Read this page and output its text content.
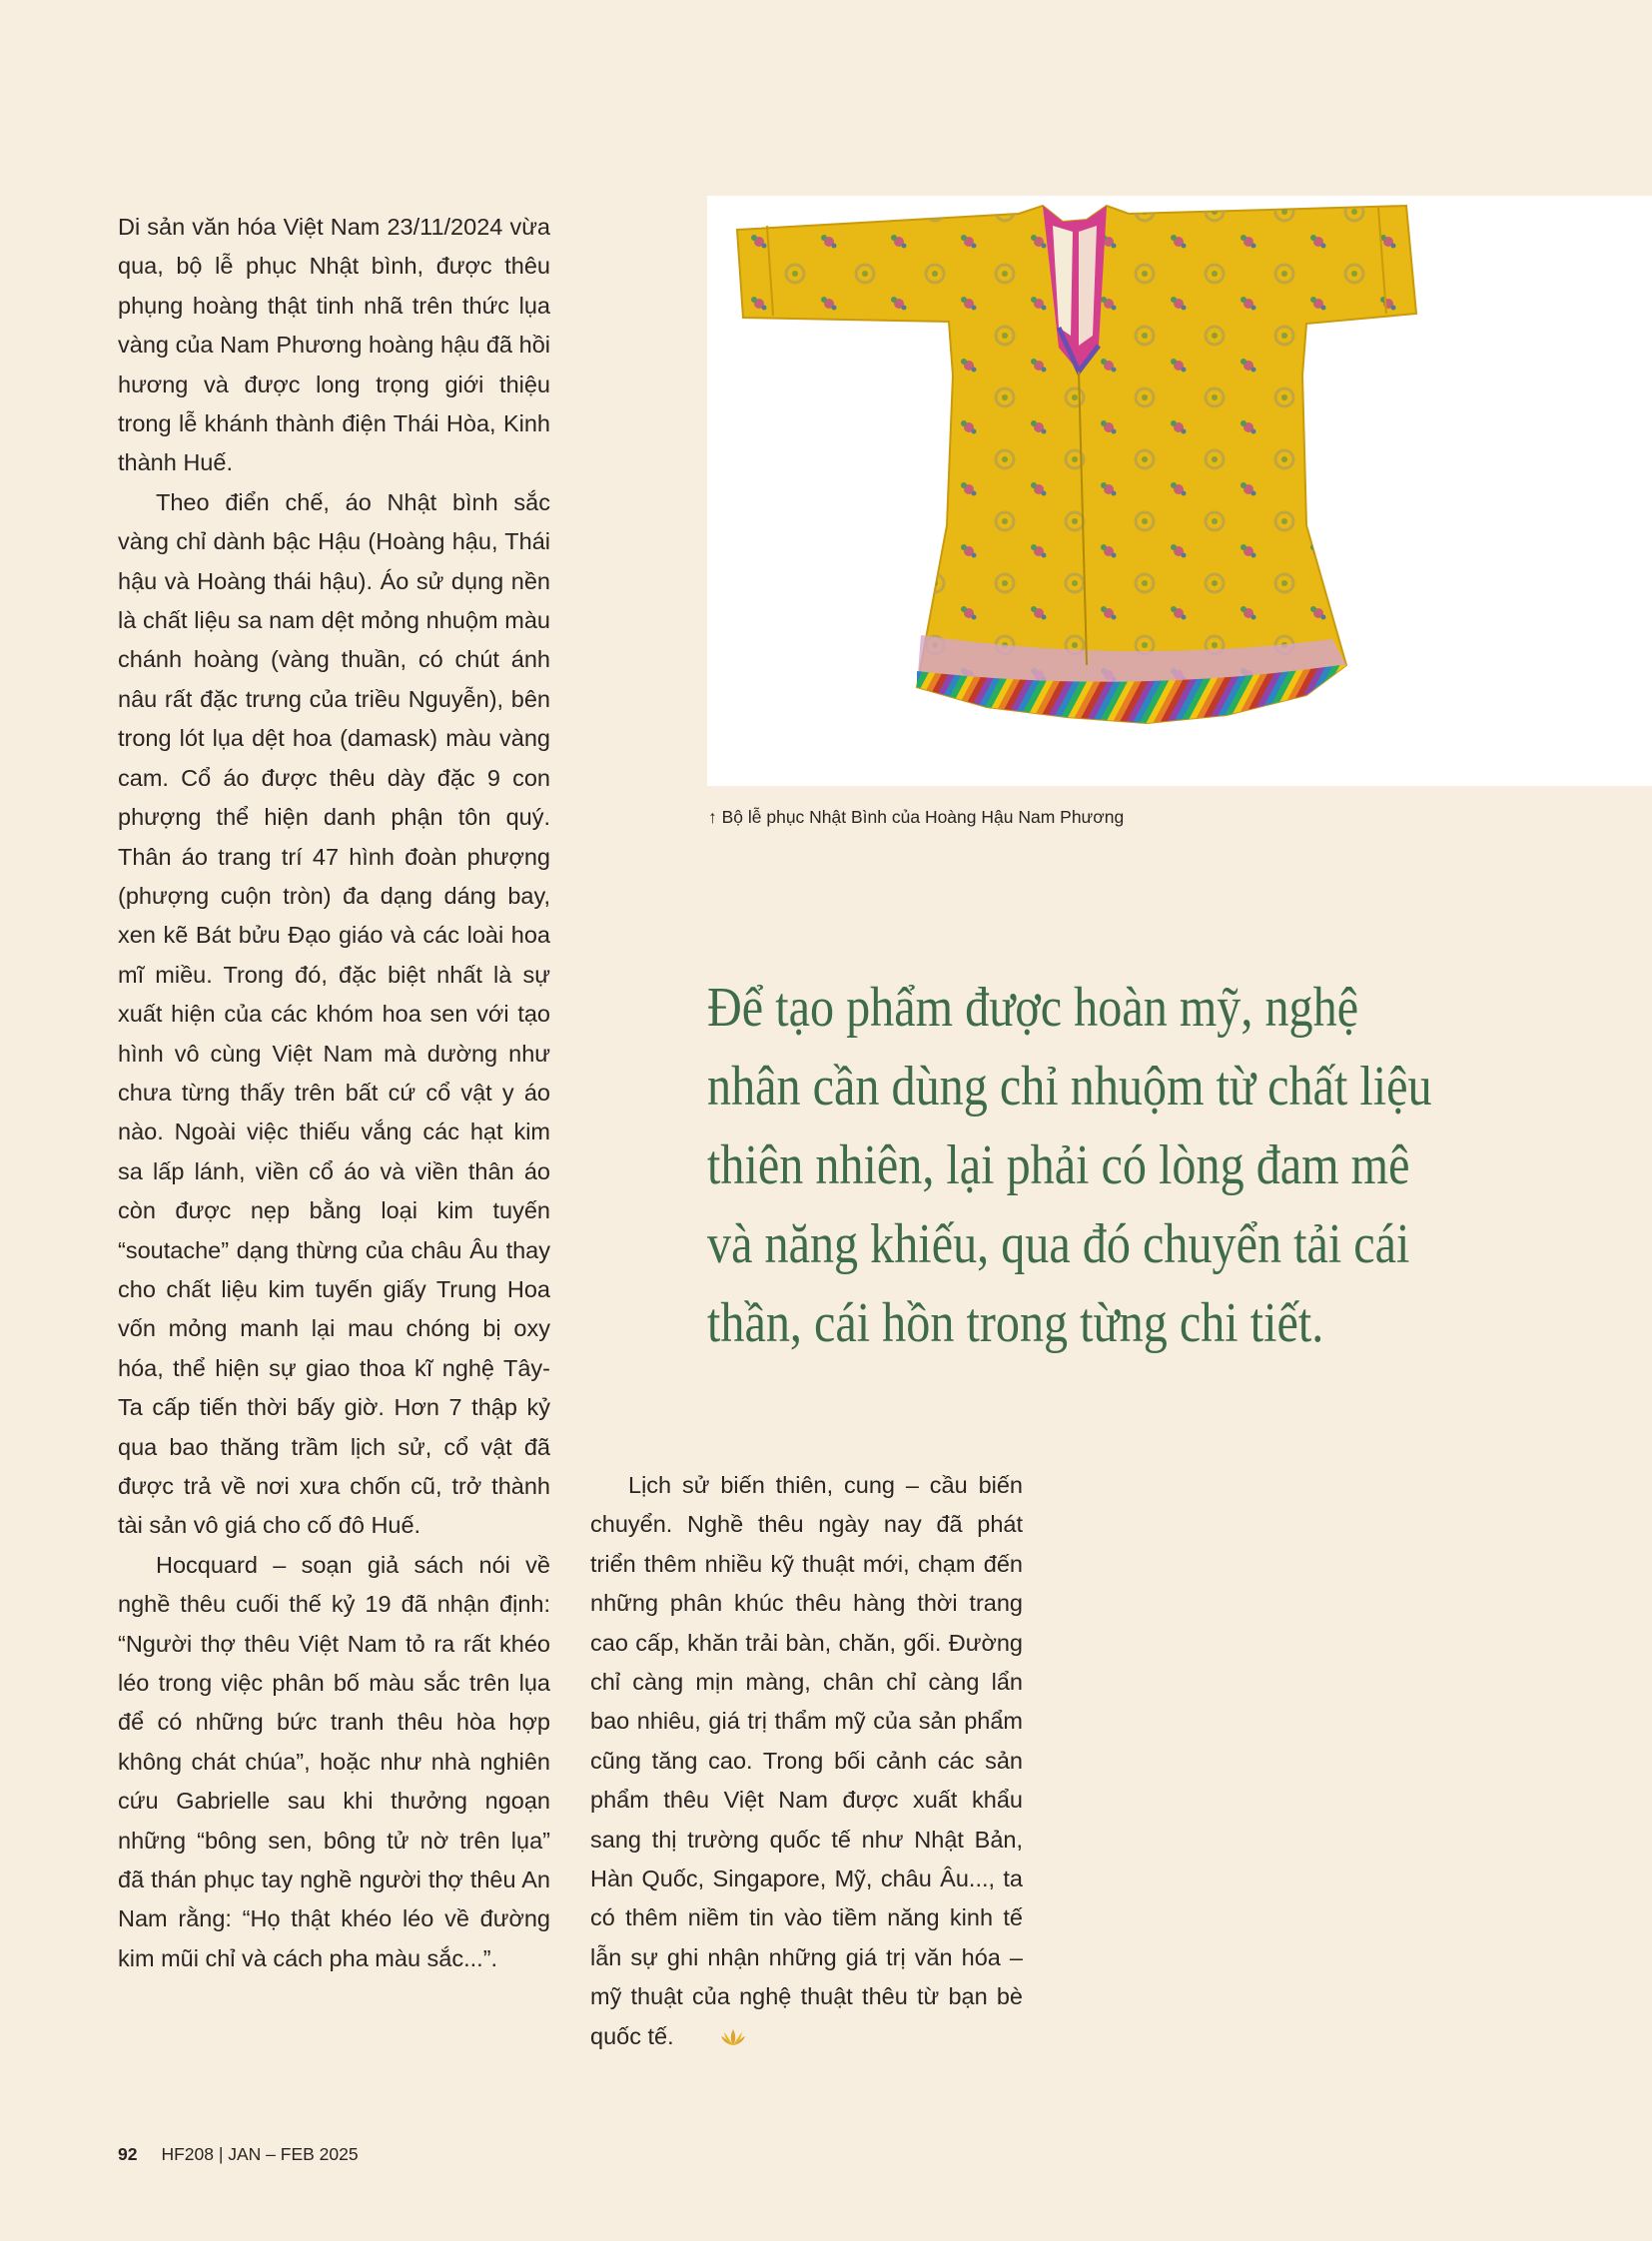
Di sản văn hóa Việt Nam 23/11/2024 vừa qua, bộ lễ phục Nhật bình, được thêu phụng hoàng thật tinh nhã trên thức lụa vàng của Nam Phương hoàng hậu đã hồi hương và được long trọng giới thiệu trong lễ khánh thành điện Thái Hòa, Kinh thành Huế.

Theo điển chế, áo Nhật bình sắc vàng chỉ dành bậc Hậu (Hoàng hậu, Thái hậu và Hoàng thái hậu). Áo sử dụng nền là chất liệu sa nam dệt mỏng nhuộm màu chánh hoàng (vàng thuần, có chút ánh nâu rất đặc trưng của triều Nguyễn), bên trong lót lụa dệt hoa (damask) màu vàng cam. Cổ áo được thêu dày đặc 9 con phượng thể hiện danh phận tôn quý. Thân áo trang trí 47 hình đoàn phượng (phượng cuộn tròn) đa dạng dáng bay, xen kẽ Bát bửu Đạo giáo và các loài hoa mĩ miều. Trong đó, đặc biệt nhất là sự xuất hiện của các khóm hoa sen với tạo hình vô cùng Việt Nam mà dường như chưa từng thấy trên bất cứ cổ vật y áo nào. Ngoài việc thiếu vắng các hạt kim sa lấp lánh, viền cổ áo và viền thân áo còn được nẹp bằng loại kim tuyến “soutache” dạng thừng của châu Âu thay cho chất liệu kim tuyến giấy Trung Hoa vốn mỏng manh lại mau chóng bị oxy hóa, thể hiện sự giao thoa kĩ nghệ Tây-Ta cấp tiến thời bấy giờ. Hơn 7 thập kỷ qua bao thăng trầm lịch sử, cổ vật đã được trả về nơi xưa chốn cũ, trở thành tài sản vô giá cho cố đô Huế.

Hocquard – soạn giả sách nói về nghề thêu cuối thế kỷ 19 đã nhận định: “Người thợ thêu Việt Nam tỏ ra rất khéo léo trong việc phân bố màu sắc trên lụa để có những bức tranh thêu hòa hợp không chát chúa”, hoặc như nhà nghiên cứu Gabrielle sau khi thưởng ngoạn những “bông sen, bông tử nờ trên lụa” đã thán phục tay nghề người thợ thêu An Nam rằng: “Họ thật khéo léo về đường kim mũi chỉ và cách pha màu sắc...”.

↑ Bộ lễ phục Nhật Bình của Hoàng Hậu Nam Phương
Để tạo phẩm được hoàn mỹ, nghệ
nhân cần dùng chỉ nhuộm từ chất liệu
thiên nhiên, lại phải có lòng đam mê
và năng khiếu, qua đó chuyển tải cái
thần, cái hồn trong từng chi tiết.

Lịch sử biến thiên, cung – cầu biến chuyển. Nghề thêu ngày nay đã phát triển thêm nhiều kỹ thuật mới, chạm đến những phân khúc thêu hàng thời trang cao cấp, khăn trải bàn, chăn, gối. Đường chỉ càng mịn màng, chân chỉ càng lẩn bao nhiêu, giá trị thẩm mỹ của sản phẩm cũng tăng cao. Trong bối cảnh các sản phẩm thêu Việt Nam được xuất khẩu sang thị trường quốc tế như Nhật Bản, Hàn Quốc, Singapore, Mỹ, châu Âu..., ta có thêm niềm tin vào tiềm năng kinh tế lẫn sự ghi nhận những giá trị văn hóa – mỹ thuật của nghệ thuật thêu từ bạn bè quốc tế.

92 HF208 | JAN – FEB 2025
